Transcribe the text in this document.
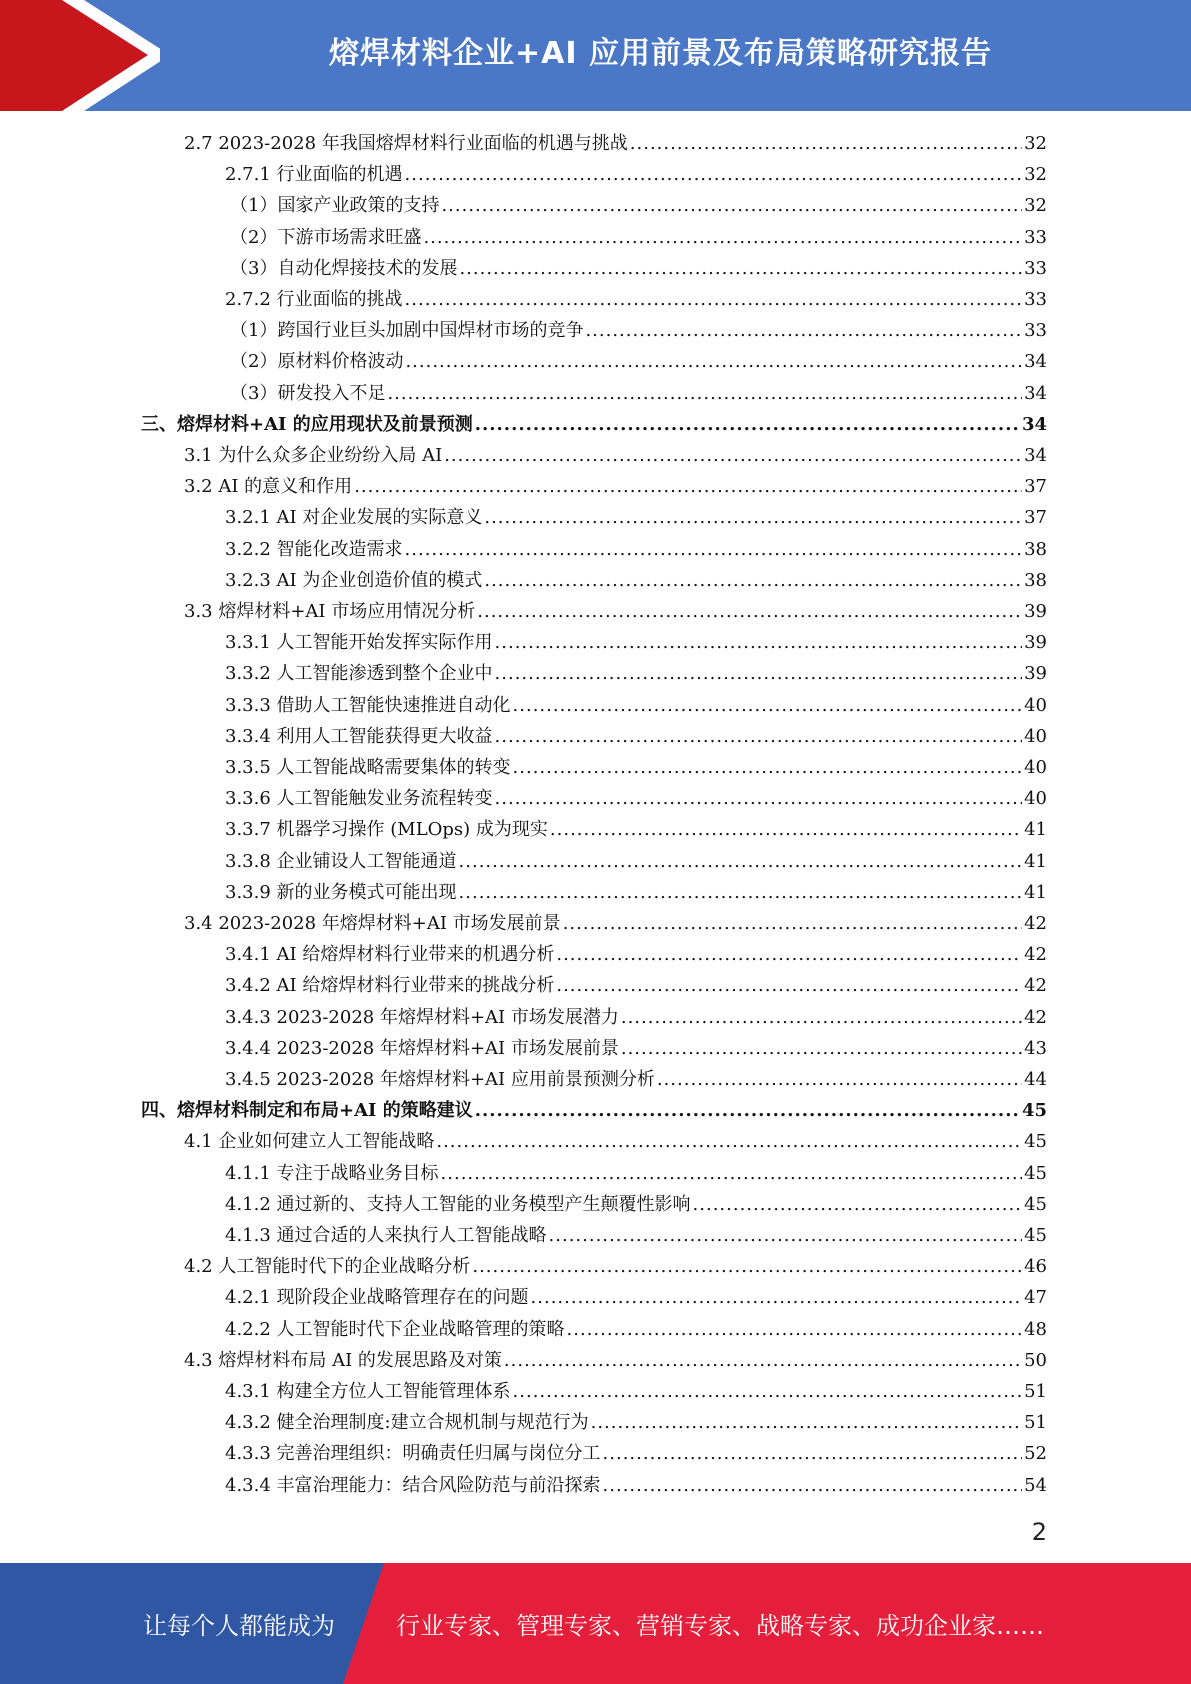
熔焊材料企业+AI 应用前景及布局策略研究报告
2.7 2023-2028 年我国熔焊材料行业面临的机遇与挑战 .....	32
2.7.1 行业面临的机遇 .....	32
（1）国家产业政策的支持 .....	32
（2）下游市场需求旺盛 .....	33
（3）自动化焊接技术的发展 .....	33
2.7.2 行业面临的挑战 .....	33
（1）跨国行业巨头加剧中国焊材市场的竞争 .....	33
（2）原材料价格波动 .....	34
（3）研发投入不足 .....	34
三、熔焊材料+AI 的应用现状及前景预测 .....	34
3.1 为什么众多企业纷纷入局 AI .....	34
3.2 AI 的意义和作用 .....	37
3.2.1 AI 对企业发展的实际意义 .....	37
3.2.2 智能化改造需求 .....	38
3.2.3 AI 为企业创造价值的模式 .....	38
3.3 熔焊材料+AI 市场应用情况分析 .....	39
3.3.1 人工智能开始发挥实际作用 .....	39
3.3.2 人工智能渗透到整个企业中 .....	39
3.3.3 借助人工智能快速推进自动化 .....	40
3.3.4 利用人工智能获得更大收益 .....	40
3.3.5 人工智能战略需要集体的转变 .....	40
3.3.6 人工智能触发业务流程转变 .....	40
3.3.7 机器学习操作 (MLOps) 成为现实 .....	41
3.3.8 企业铺设人工智能通道 .....	41
3.3.9 新的业务模式可能出现 .....	41
3.4 2023-2028 年熔焊材料+AI 市场发展前景 .....	42
3.4.1 AI 给熔焊材料行业带来的机遇分析 .....	42
3.4.2 AI 给熔焊材料行业带来的挑战分析 .....	42
3.4.3 2023-2028 年熔焊材料+AI 市场发展潜力 .....	42
3.4.4 2023-2028 年熔焊材料+AI 市场发展前景 .....	43
3.4.5 2023-2028 年熔焊材料+AI 应用前景预测分析 .....	44
四、熔焊材料制定和布局+AI 的策略建议 .....	45
4.1 企业如何建立人工智能战略 .....	45
4.1.1 专注于战略业务目标 .....	45
4.1.2 通过新的、支持人工智能的业务模型产生颠覆性影响 .....	45
4.1.3 通过合适的人来执行人工智能战略 .....	45
4.2 人工智能时代下的企业战略分析 .....	46
4.2.1 现阶段企业战略管理存在的问题 .....	47
4.2.2 人工智能时代下企业战略管理的策略 .....	48
4.3 熔焊材料布局 AI 的发展思路及对策 .....	50
4.3.1 构建全方位人工智能管理体系 .....	51
4.3.2 健全治理制度:建立合规机制与规范行为 .....	51
4.3.3 完善治理组织：明确责任归属与岗位分工 .....	52
4.3.4 丰富治理能力：结合风险防范与前沿探索 .....	54
2
让每个人都能成为	行业专家、管理专家、营销专家、战略专家、成功企业家……
